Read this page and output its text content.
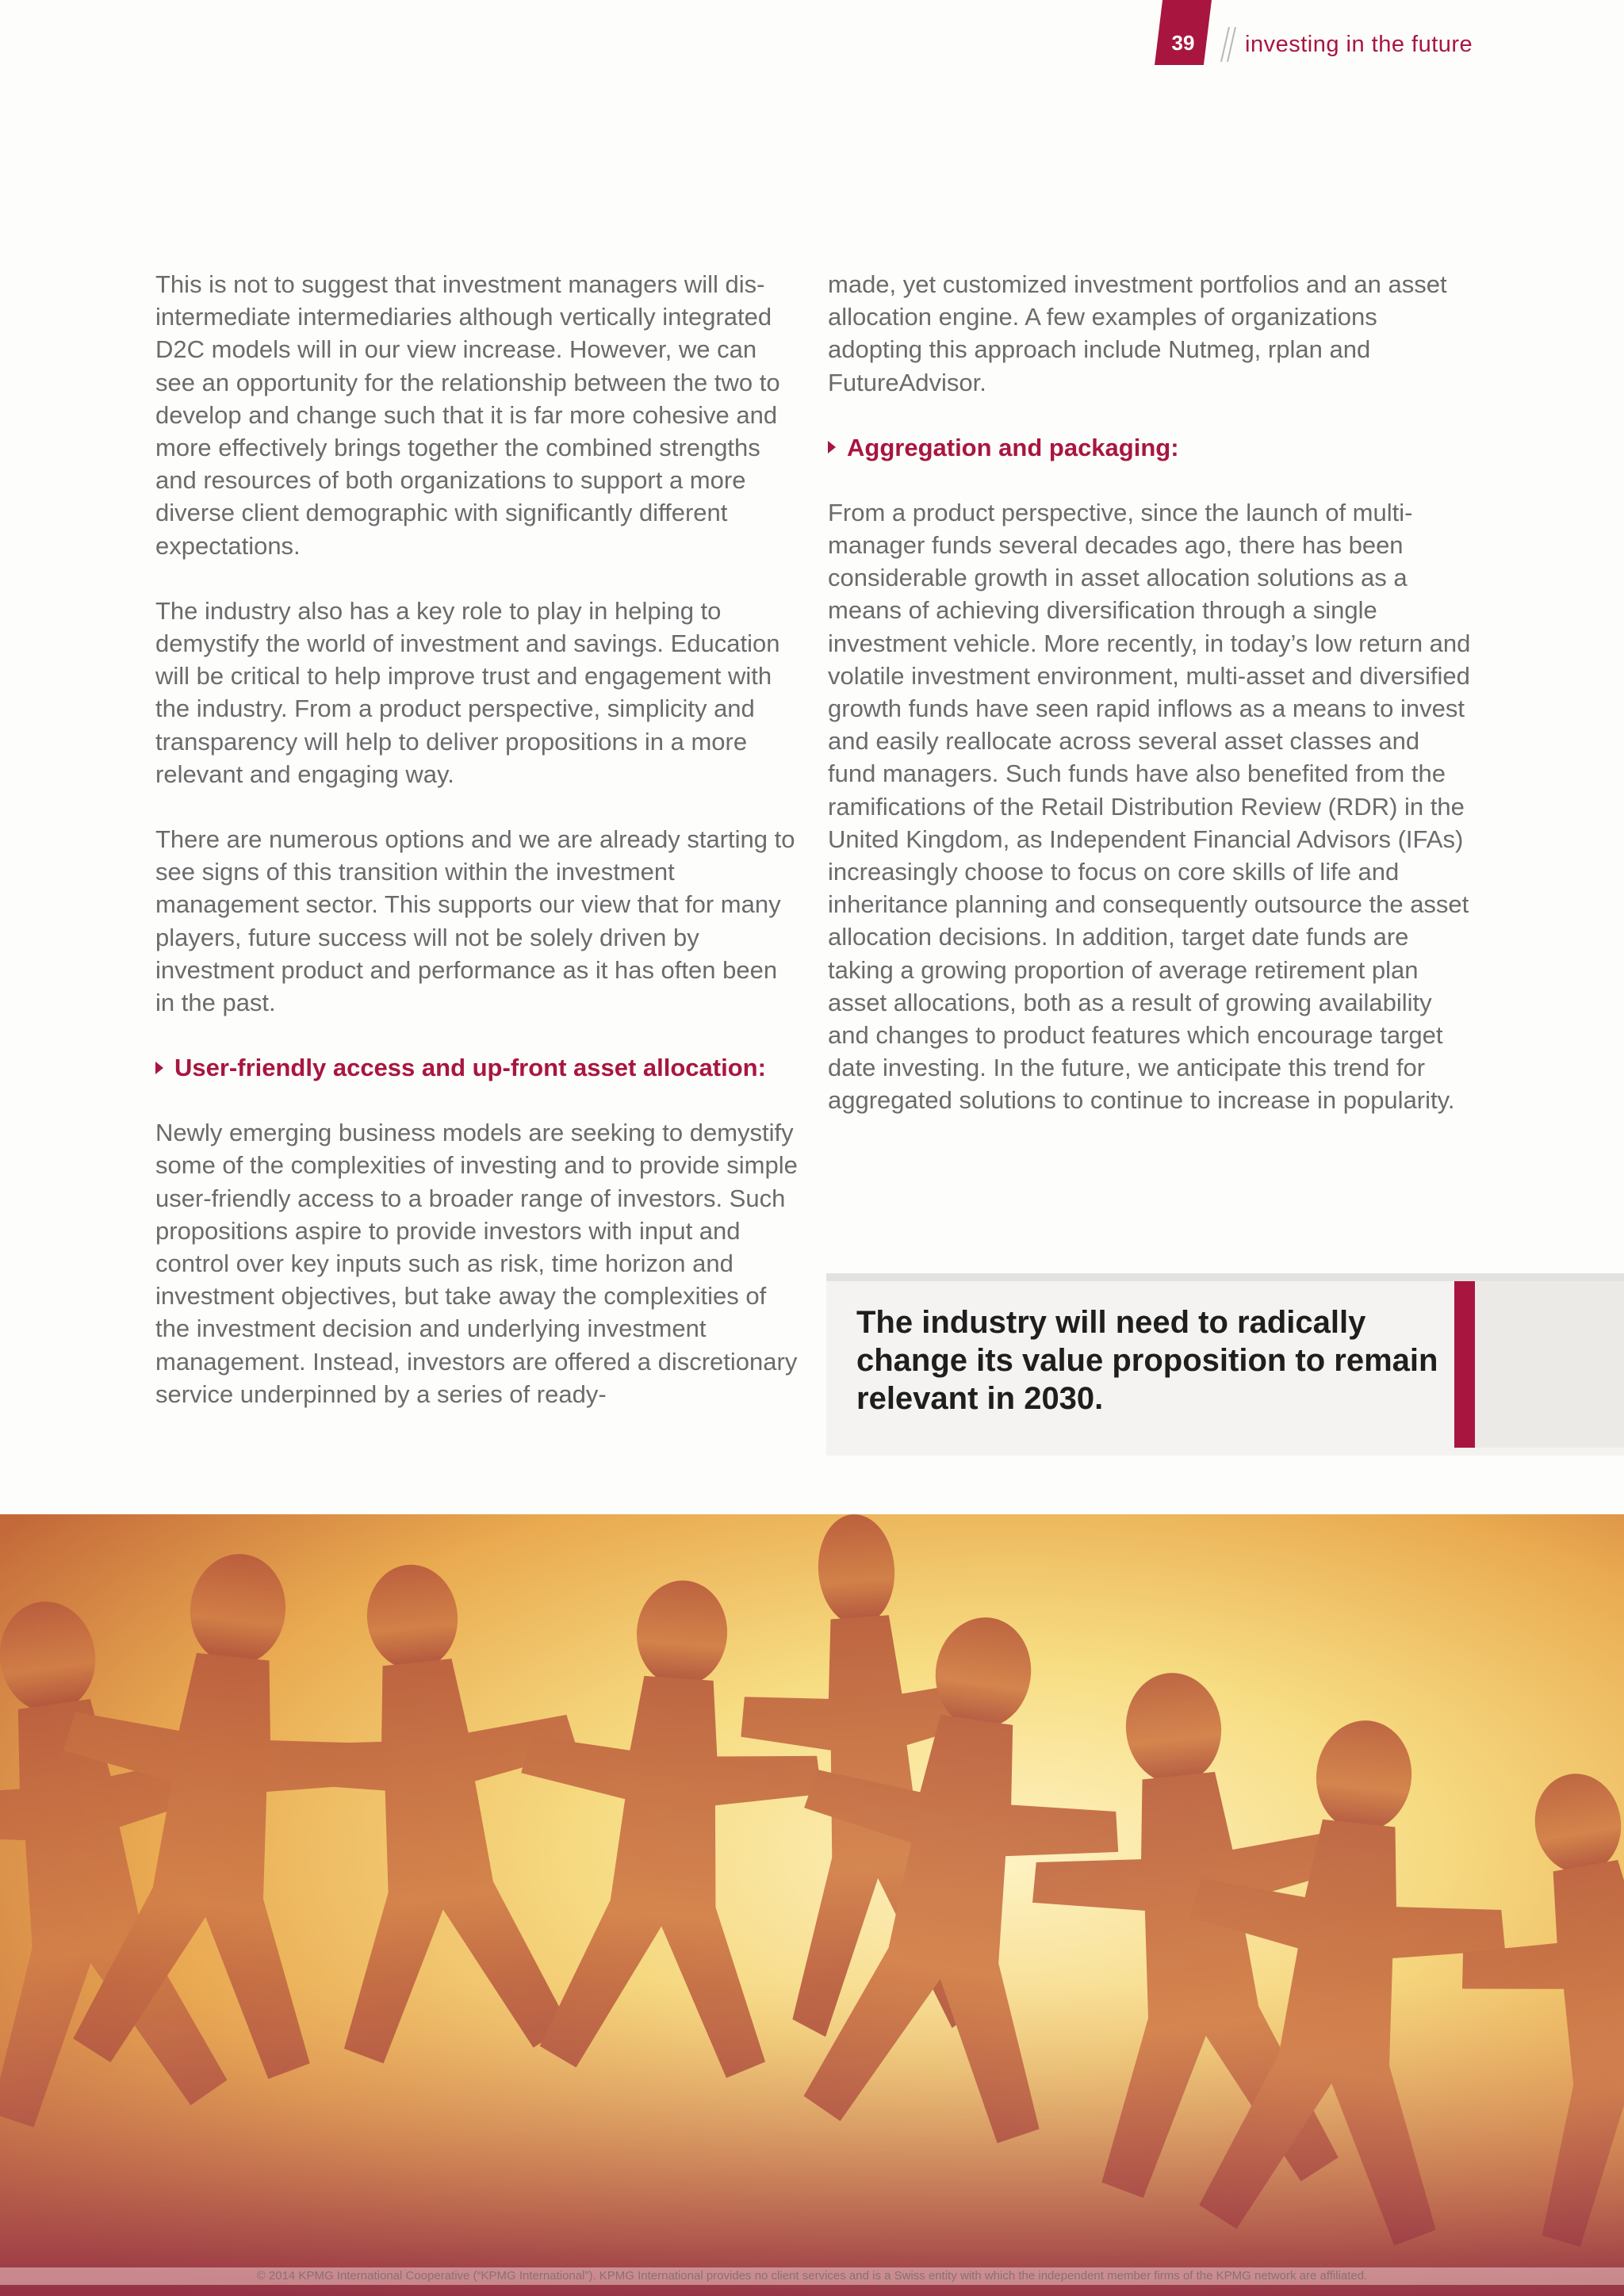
39	investing in the future

This is not to suggest that investment managers will dis-intermediate intermediaries although vertically integrated D2C models will in our view increase. However, we can see an opportunity for the relationship between the two to develop and change such that it is far more cohesive and more effectively brings together the combined strengths and resources of both organizations to support a more diverse client demographic with significantly different expectations.

The industry also has a key role to play in helping to demystify the world of investment and savings. Education will be critical to help improve trust and engagement with the industry. From a product perspective, simplicity and transparency will help to deliver propositions in a more relevant and engaging way.

There are numerous options and we are already starting to see signs of this transition within the investment management sector. This supports our view that for many players, future success will not be solely driven by investment product and performance as it has often been in the past.

User-friendly access and up-front asset allocation:

Newly emerging business models are seeking to demystify some of the complexities of investing and to provide simple user-friendly access to a broader range of investors. Such propositions aspire to provide investors with input and control over key inputs such as risk, time horizon and investment objectives, but take away the complexities of the investment decision and underlying investment management. Instead, investors are offered a discretionary service underpinned by a series of ready-

made, yet customized investment portfolios and an asset allocation engine. A few examples of organizations adopting this approach include Nutmeg, rplan and FutureAdvisor.

Aggregation and packaging:

From a product perspective, since the launch of multi-manager funds several decades ago, there has been considerable growth in asset allocation solutions as a means of achieving diversification through a single investment vehicle. More recently, in today’s low return and volatile investment environment, multi-asset and diversified growth funds have seen rapid inflows as a means to invest and easily reallocate across several asset classes and fund managers. Such funds have also benefited from the ramifications of the Retail Distribution Review (RDR) in the United Kingdom, as Independent Financial Advisors (IFAs) increasingly choose to focus on core skills of life and inheritance planning and consequently outsource the asset allocation decisions. In addition, target date funds are taking a growing proportion of average retirement plan asset allocations, both as a result of growing availability and changes to product features which encourage target date investing. In the future, we anticipate this trend for aggregated solutions to continue to increase in popularity.

The industry will need to radically change its value proposition to remain relevant in 2030.
© 2014 KPMG International Cooperative (“KPMG International”). KPMG International provides no client services and is a Swiss entity with which the independent member firms of the KPMG network are affiliated.
